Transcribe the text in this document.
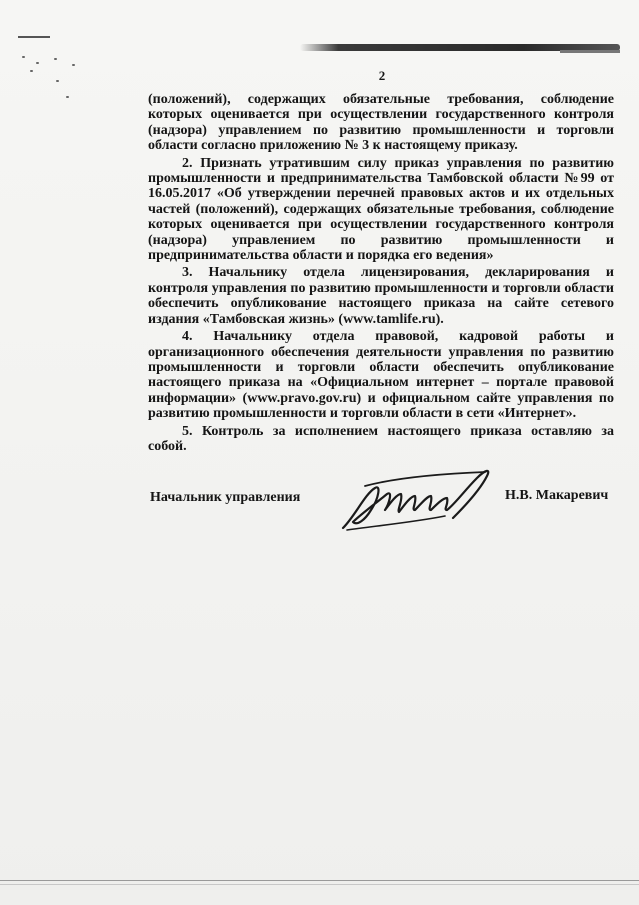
2

(положений), содержащих обязательные требования, соблюдение которых оценивается при осуществлении государственного контроля (надзора) управлением по развитию промышленности и торговли области согласно приложению № 3 к настоящему приказу.

2. Признать утратившим силу приказ управления по развитию промышленности и предпринимательства Тамбовской области №99 от 16.05.2017 «Об утверждении перечней правовых актов и их отдельных частей (положений), содержащих обязательные требования, соблюдение которых оценивается при осуществлении государственного контроля (надзора) управлением по развитию промышленности и предпринимательства области и порядка его ведения»

3. Начальнику отдела лицензирования, декларирования и контроля управления по развитию промышленности и торговли области обеспечить опубликование настоящего приказа на сайте сетевого издания «Тамбовская жизнь» (www.tamlife.ru).

4. Начальнику отдела правовой, кадровой работы и организационного обеспечения деятельности управления по развитию промышленности и торговли области обеспечить опубликование настоящего приказа на «Официальном интернет – портале правовой информации» (www.pravo.gov.ru) и официальном сайте управления по развитию промышленности и торговли области в сети «Интернет».

5. Контроль за исполнением настоящего приказа оставляю за собой.

Начальник управления	Н.В. Макаревич
